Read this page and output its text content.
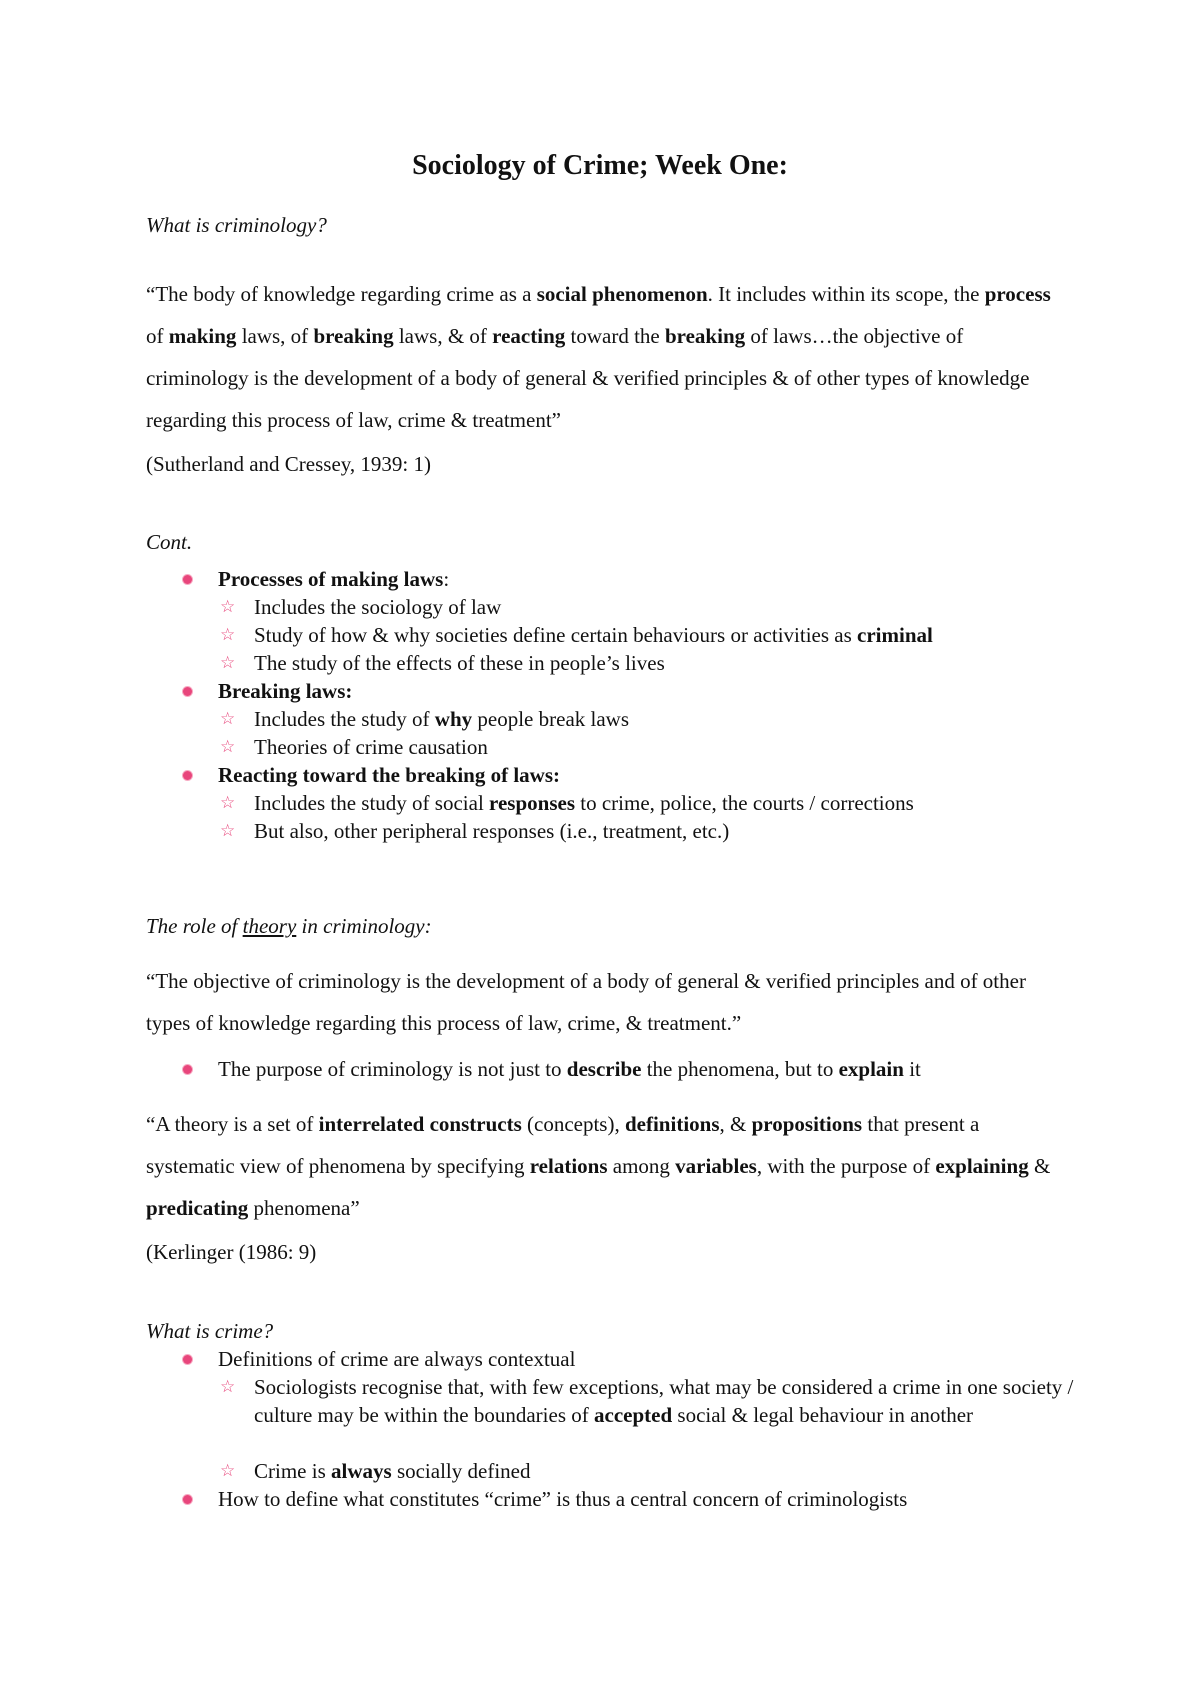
Sociology of Crime; Week One:

What is criminology?

“The body of knowledge regarding crime as a social phenomenon. It includes within its scope, the process of making laws, of breaking laws, & of reacting toward the breaking of laws…the objective of criminology is the development of a body of general & verified principles & of other types of knowledge regarding this process of law, crime & treatment”

(Sutherland and Cressey, 1939: 1)

Cont.

The role of theory in criminology:

“The objective of criminology is the development of a body of general & verified principles and of other types of knowledge regarding this process of law, crime, & treatment.”

The purpose of criminology is not just to describe the phenomena, but to explain it

“A theory is a set of interrelated constructs (concepts), definitions, & propositions that present a systematic view of phenomena by specifying relations among variables, with the purpose of explaining & predicating phenomena”

(Kerlinger (1986: 9)

What is crime?

Processes of making laws:

☆ Includes the sociology of law

☆ Study of how & why societies define certain behaviours or activities as criminal

☆ The study of the effects of these in people’s lives

Breaking laws:

☆ Includes the study of why people break laws

☆ Theories of crime causation

Reacting toward the breaking of laws:

☆ Includes the study of social responses to crime, police, the courts / corrections

☆ But also, other peripheral responses (i.e., treatment, etc.)

Definitions of crime are always contextual

☆ Sociologists recognise that, with few exceptions, what may be considered a crime in one society / culture may be within the boundaries of accepted social & legal behaviour in another

☆ Crime is always socially defined

How to define what constitutes “crime” is thus a central concern of criminologists
